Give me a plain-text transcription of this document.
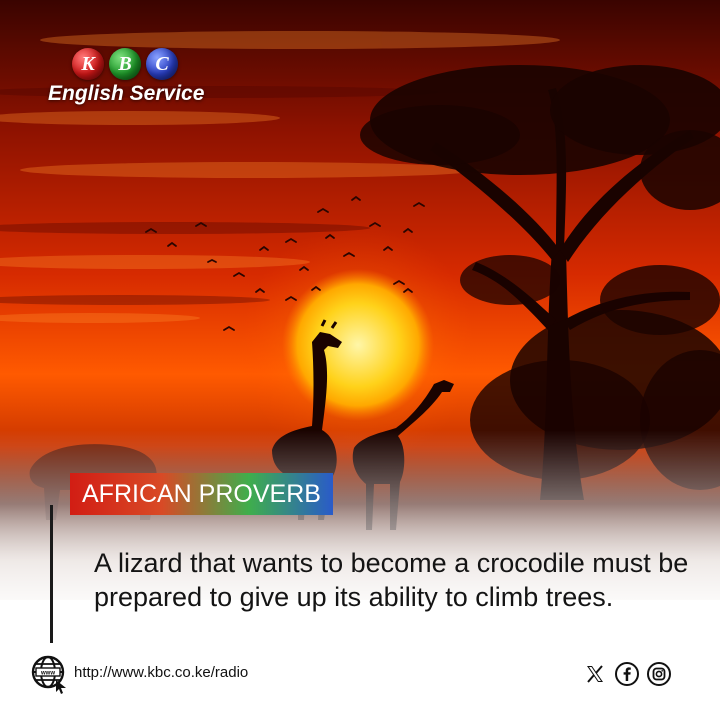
K	B	C
English Service
AFRICAN PROVERB

A lizard that wants to become a crocodile must be prepared to give up its ability to climb trees.

www http://www.kbc.co.ke/radio
